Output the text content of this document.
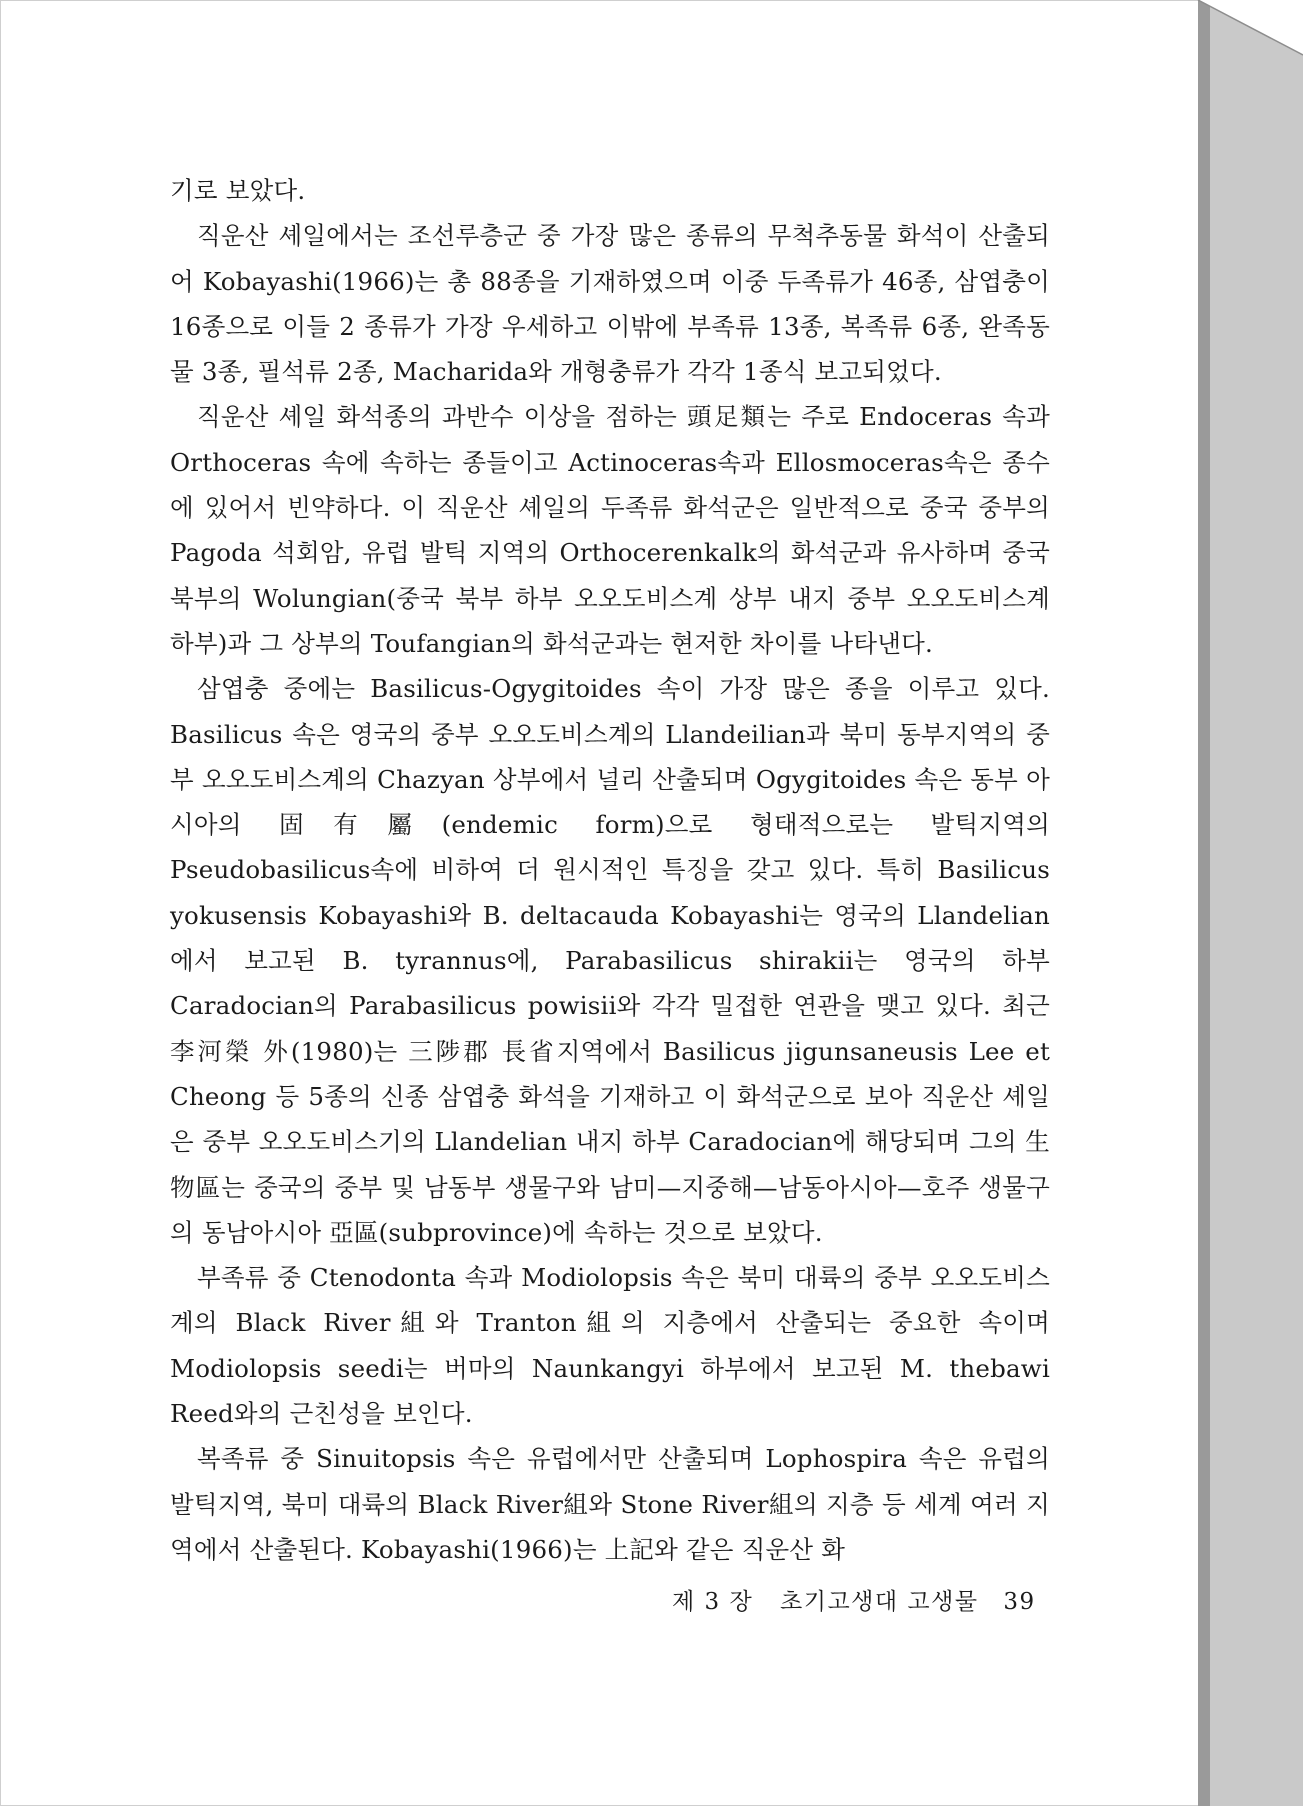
기로 보았다.

직운산 셰일에서는 조선루층군 중 가장 많은 종류의 무척추동물 화석이 산출되어 Kobayashi(1966)는 총 88종을 기재하였으며 이중 두족류가 46종, 삼엽충이 16종으로 이들 2 종류가 가장 우세하고 이밖에 부족류 13종, 복족류 6종, 완족동물 3종, 필석류 2종, Macharida와 개형충류가 각각 1종식 보고되었다.

직운산 셰일 화석종의 과반수 이상을 점하는 頭足類는 주로 Endoceras 속과 Orthoceras 속에 속하는 종들이고 Actinoceras속과 Ellosmoceras속은 종수에 있어서 빈약하다. 이 직운산 셰일의 두족류 화석군은 일반적으로 중국 중부의 Pagoda 석회암, 유럽 발틱 지역의 Orthocerenkalk의 화석군과 유사하며 중국 북부의 Wolungian(중국 북부 하부 오오도비스계 상부 내지 중부 오오도비스계 하부)과 그 상부의 Toufangian의 화석군과는 현저한 차이를 나타낸다.

삼엽충 중에는 Basilicus-Ogygitoides 속이 가장 많은 종을 이루고 있다. Basilicus 속은 영국의 중부 오오도비스계의 Llandeilian과 북미 동부지역의 중부 오오도비스계의 Chazyan 상부에서 널리 산출되며 Ogygitoides 속은 동부 아시아의 固有屬(endemic form)으로 형태적으로는 발틱지역의 Pseudobasilicus속에 비하여 더 원시적인 특징을 갖고 있다. 특히 Basilicus yokusensis Kobayashi와 B. deltacauda Kobayashi는 영국의 Llandelian에서 보고된 B. tyrannus에, Parabasilicus shirakii는 영국의 하부 Caradocian의 Parabasilicus powisii와 각각 밀접한 연관을 맺고 있다. 최근 李河榮 外(1980)는 三陟郡 長省지역에서 Basilicus jigunsaneusis Lee et Cheong 등 5종의 신종 삼엽충 화석을 기재하고 이 화석군으로 보아 직운산 셰일은 중부 오오도비스기의 Llandelian 내지 하부 Caradocian에 해당되며 그의 生物區는 중국의 중부 및 남동부 생물구와 남미—지중해—남동아시아—호주 생물구의 동남아시아 亞區(subprovince)에 속하는 것으로 보았다.

부족류 중 Ctenodonta 속과 Modiolopsis 속은 북미 대륙의 중부 오오도비스계의 Black River組와 Tranton組의 지층에서 산출되는 중요한 속이며 Modiolopsis seedi는 버마의 Naunkangyi 하부에서 보고된 M. thebawi Reed와의 근친성을 보인다.

복족류 중 Sinuitopsis 속은 유럽에서만 산출되며 Lophospira 속은 유럽의 발틱지역, 북미 대륙의 Black River組와 Stone River組의 지층 등 세계 여러 지역에서 산출된다. Kobayashi(1966)는 上記와 같은 직운산 화

제 3 장 초기고생대 고생물 39
